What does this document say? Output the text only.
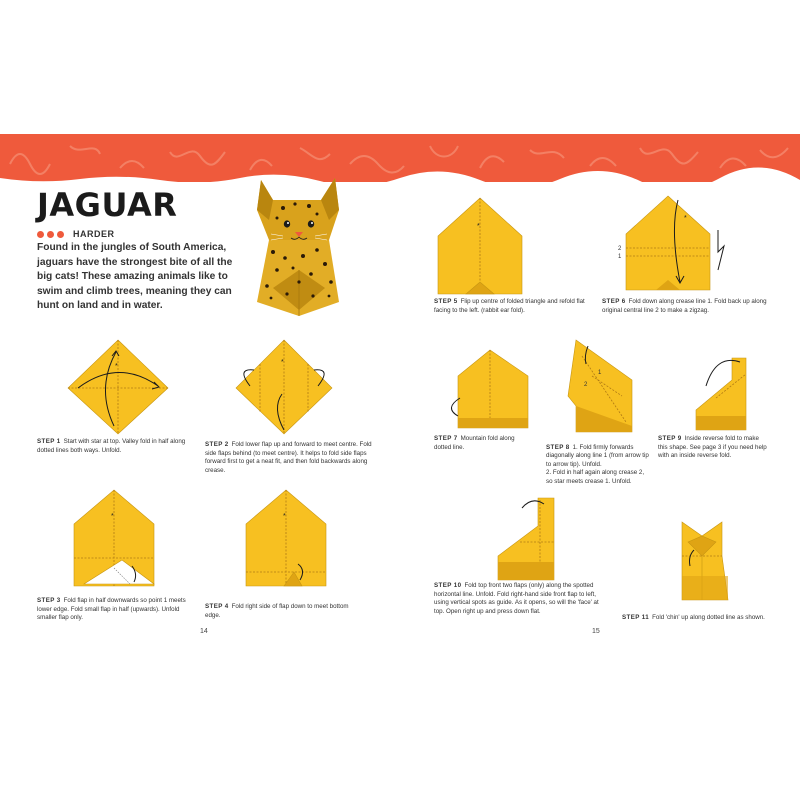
JAGUAR
HARDER
Found in the jungles of South America, jaguars have the strongest bite of all the big cats! These amazing animals like to swim and climb trees, meaning they can hunt on land and in water.
*
*
*	*
*
2
1
*
2
1
STEP 1 Start with star at top. Valley fold in half along dotted lines both ways. Unfold.
STEP 2 Fold lower flap up and forward to meet centre. Fold side flaps behind (to meet centre). It helps to fold side flaps forward first to get a neat fit, and then fold backwards along crease.
STEP 3 Fold flap in half downwards so point 1 meets lower edge. Fold small flap in half (upwards). Unfold smaller flap only.
STEP 4 Fold right side of flap down to meet bottom edge.
STEP 5 Flip up centre of folded triangle and refold flat facing to the left. (rabbit ear fold).
STEP 6 Fold down along crease line 1. Fold back up along original central line 2 to make a zigzag.
STEP 7 Mountain fold along dotted line.	STEP 8 1. Fold firmly forwards diagonally along line 1 (from arrow tip to arrow tip). Unfold.
2. Fold in half again along crease 2, so star meets crease 1. Unfold.

STEP 9 Inside reverse fold to make this shape. See page 3 if you need help with an inside reverse fold.
STEP 10 Fold top front two flaps (only) along the spotted horizontal line. Unfold. Fold right-hand side front flap to left, using vertical spots as guide. As it opens, so will the 'face' at top. Open right up and press down flat.
STEP 11 Fold 'chin' up along dotted line as shown.
14	15
